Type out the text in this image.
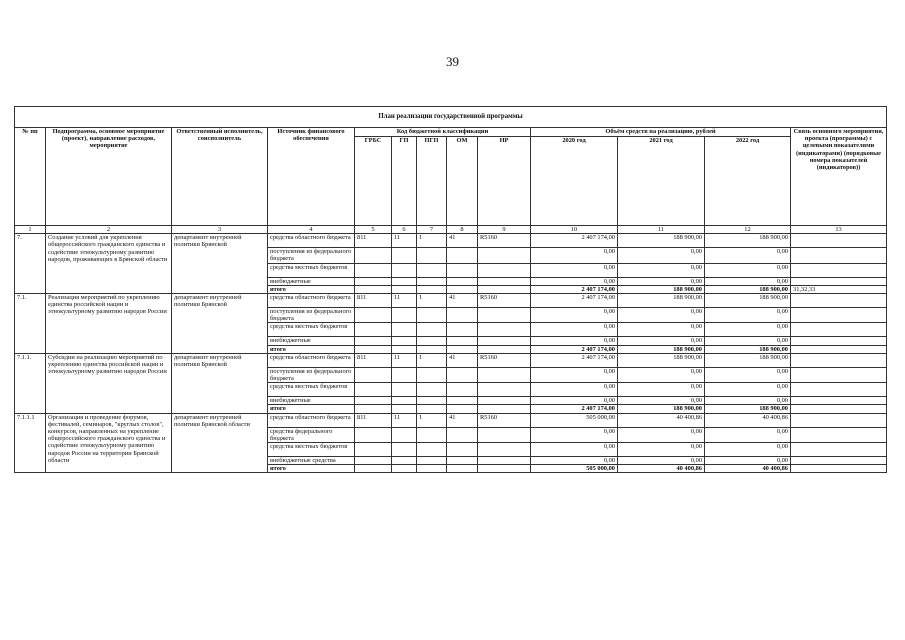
39
План реализации государственной программы												
№ пп	Подпрограмма, основное мероприятие (проект), направление расходов, мероприятие	Ответственный исполнитель, соисполнитель	Источник финансового обеспечения	Код бюджетной классификации					Объём средств на реализацию, рублей			Связь основного мероприятия, проекта (программы) с целевыми показателями (индикаторами) (порядковые номера показателей (индикаторов))
				ГРБС	ГП	ПГП	ОМ	НР	2020 год	2021 год	2022 год	
1	2	3	4	5	6	7	8	9	10	11	12	13
7.	Создание условий для укрепления общероссийского гражданского единства и содействие этнокультурному развитию народов, проживающих в Брянской области	департамент внутренней политики Брянской	средства областного бюджета	811	11	1	41	R5160	2 407 174,00	188 900,00	188 900,00	
			поступления из федерального бюджета						0,00	0,00	0,00	
			средства местных бюджетов						0,00	0,00	0,00	
			внебюджетные						0,00	0,00	0,00	
			итого						2 407 174,00	188 900,00	188 900,00	31,32,33
7.1.	Реализация мероприятий по укреплению единства российской нации и этнокультурному развитию народов России	департамент внутренней политики Брянской	средства областного бюджета	811	11	1	41	R5160	2 407 174,00	188 900,00	188 900,00	
			поступления из федерального бюджета						0,00	0,00	0,00	
			средства местных бюджетов						0,00	0,00	0,00	
			внебюджетные						0,00	0,00	0,00	
			итого						2 407 174,00	188 900,00	188 900,00	
7.1.1.	Субсидии на реализацию мероприятий по укреплению единства российской нации и этнокультурному развитию народов России	департамент внутренней политики Брянской	средства областного бюджета	811	11	1	41	R5160	2 407 174,00	188 900,00	188 900,00	
			поступления из федерального бюджета						0,00	0,00	0,00	
			средства местных бюджетов						0,00	0,00	0,00	
			внебюджетные						0,00	0,00	0,00	
			итого						2 407 174,00	188 900,00	188 900,00	
7.1.1.1	Организация и проведение форумов, фестивалей, семинаров, "круглых столов", конкурсов, направленных на укрепление общероссийского гражданского единства и содействие этнокультурному развитию народов России на территории Брянской области	департамент внутренней политики Брянской области	средства областного бюджета	811	11	1	41	R5160	505 000,00	40 400,86	40 400,86	
			средства федерального бюджета						0,00	0,00	0,00	
			средства местных бюджетов						0,00	0,00	0,00	
			внебюджетные средства						0,00	0,00	0,00	
			итого						505 000,00	40 400,86	40 400,86	
